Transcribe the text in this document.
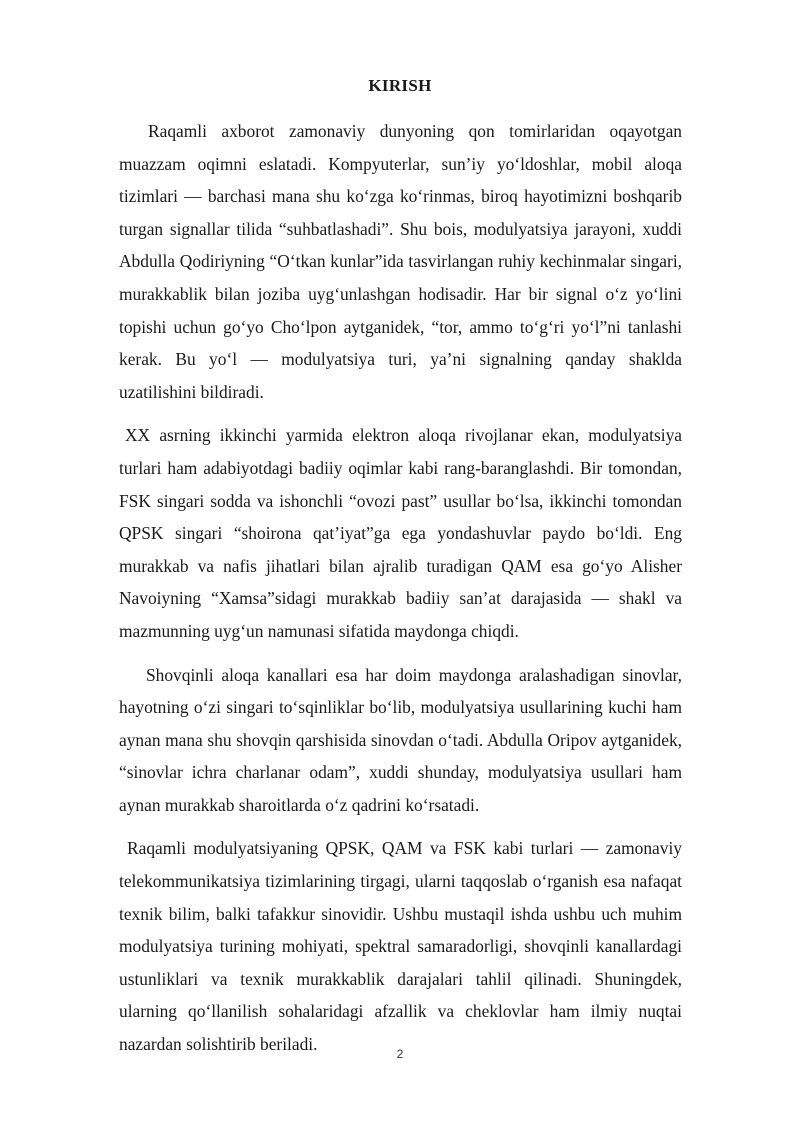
KIRISH

Raqamli axborot zamonaviy dunyoning qon tomirlaridan oqayotgan muazzam oqimni eslatadi. Kompyuterlar, sun’iy yo‘ldoshlar, mobil aloqa tizimlari — barchasi mana shu ko‘zga ko‘rinmas, biroq hayotimizni boshqarib turgan signallar tilida “suhbatlashadi”. Shu bois, modulyatsiya jarayoni, xuddi Abdulla Qodiriyning “O‘tkan kunlar”ida tasvirlangan ruhiy kechinmalar singari, murakkablik bilan joziba uyg‘unlashgan hodisadir. Har bir signal o‘z yo‘lini topishi uchun go‘yo Cho‘lpon aytganidek, “tor, ammo to‘g‘ri yo‘l”ni tanlashi kerak. Bu yo‘l — modulyatsiya turi, ya’ni signalning qanday shaklda uzatilishini bildiradi.

XX asrning ikkinchi yarmida elektron aloqa rivojlanar ekan, modulyatsiya turlari ham adabiyotdagi badiiy oqimlar kabi rang-baranglashdi. Bir tomondan, FSK singari sodda va ishonchli “ovozi past” usullar bo‘lsa, ikkinchi tomondan QPSK singari “shoirona qat’iyat”ga ega yondashuvlar paydo bo‘ldi. Eng murakkab va nafis jihatlari bilan ajralib turadigan QAM esa go‘yo Alisher Navoiyning “Xamsa”sidagi murakkab badiiy san’at darajasida — shakl va mazmunning uyg‘un namunasi sifatida maydonga chiqdi.

Shovqinli aloqa kanallari esa har doim maydonga aralashadigan sinovlar, hayotning o‘zi singari to‘sqinliklar bo‘lib, modulyatsiya usullarining kuchi ham aynan mana shu shovqin qarshisida sinovdan o‘tadi. Abdulla Oripov aytganidek, “sinovlar ichra charlanar odam”, xuddi shunday, modulyatsiya usullari ham aynan murakkab sharoitlarda o‘z qadrini ko‘rsatadi.

Raqamli modulyatsiyaning QPSK, QAM va FSK kabi turlari — zamonaviy telekommunikatsiya tizimlarining tirgagi, ularni taqqoslab o‘rganish esa nafaqat texnik bilim, balki tafakkur sinovidir. Ushbu mustaqil ishda ushbu uch muhim modulyatsiya turining mohiyati, spektral samaradorligi, shovqinli kanallardagi ustunliklari va texnik murakkablik darajalari tahlil qilinadi. Shuningdek, ularning qo‘llanilish sohalaridagi afzallik va cheklovlar ham ilmiy nuqtai nazardan solishtirib beriladi.	2
